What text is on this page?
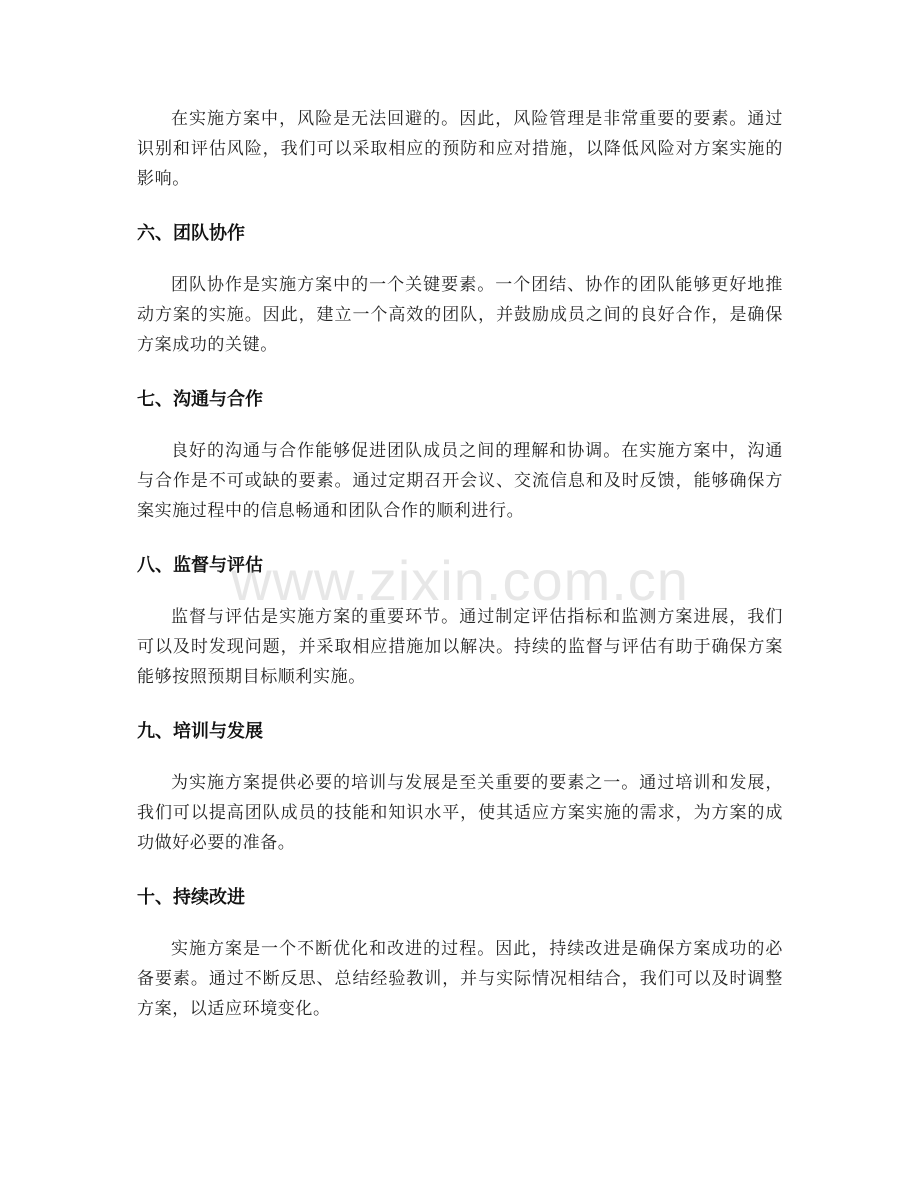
在实施方案中，风险是无法回避的。因此，风险管理是非常重要的要素。通过识别和评估风险，我们可以采取相应的预防和应对措施，以降低风险对方案实施的影响。

六、团队协作

团队协作是实施方案中的一个关键要素。一个团结、协作的团队能够更好地推动方案的实施。因此，建立一个高效的团队，并鼓励成员之间的良好合作，是确保方案成功的关键。

七、沟通与合作

良好的沟通与合作能够促进团队成员之间的理解和协调。在实施方案中，沟通与合作是不可或缺的要素。通过定期召开会议、交流信息和及时反馈，能够确保方案实施过程中的信息畅通和团队合作的顺利进行。

八、监督与评估

监督与评估是实施方案的重要环节。通过制定评估指标和监测方案进展，我们可以及时发现问题，并采取相应措施加以解决。持续的监督与评估有助于确保方案能够按照预期目标顺利实施。

九、培训与发展

为实施方案提供必要的培训与发展是至关重要的要素之一。通过培训和发展，我们可以提高团队成员的技能和知识水平，使其适应方案实施的需求，为方案的成功做好必要的准备。

十、持续改进

实施方案是一个不断优化和改进的过程。因此，持续改进是确保方案成功的必备要素。通过不断反思、总结经验教训，并与实际情况相结合，我们可以及时调整方案，以适应环境变化。

www.zixin.com.cn
